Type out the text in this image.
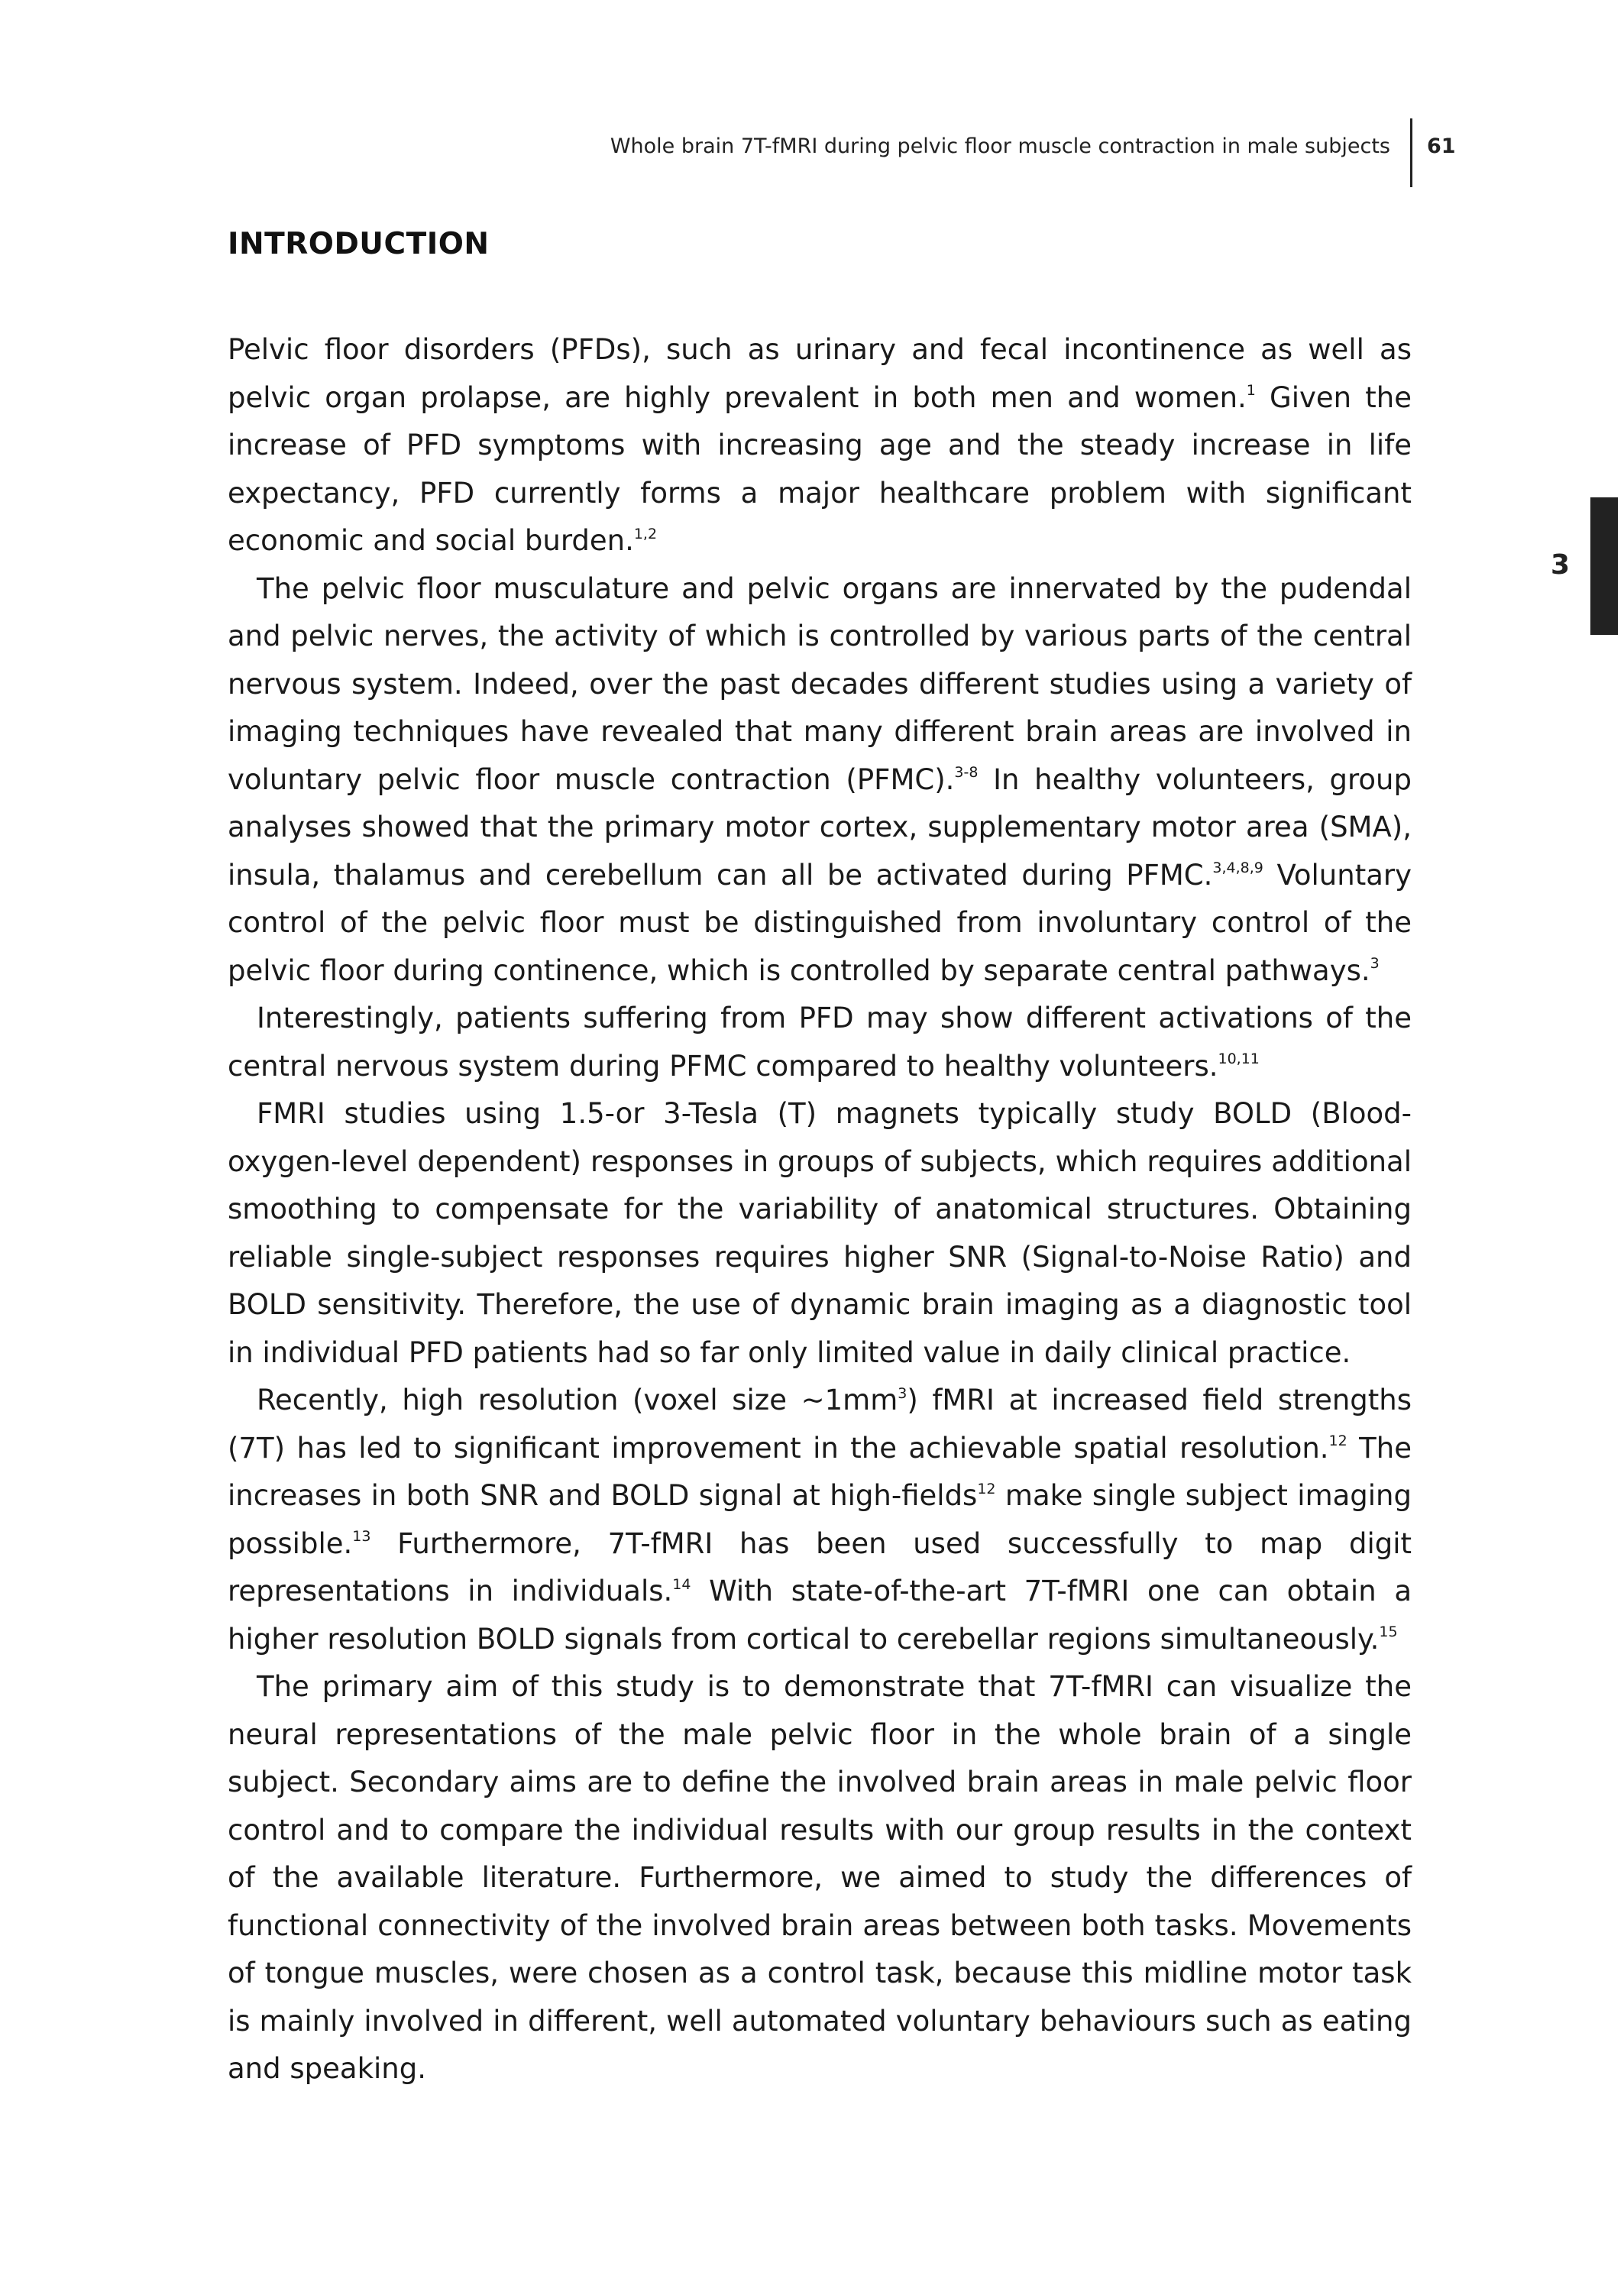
Whole brain 7T-fMRI during pelvic floor muscle contraction in male subjects 61
3
INTRODUCTION

Pelvic floor disorders (PFDs), such as urinary and fecal incontinence as well as pelvic organ prolapse, are highly prevalent in both men and women.$^1$ Given the increase of PFD symptoms with increasing age and the steady increase in life expectancy, PFD currently forms a major healthcare problem with significant economic and social burden.$^{1,2}$

The pelvic floor musculature and pelvic organs are innervated by the pudendal and pelvic nerves, the activity of which is controlled by various parts of the central nervous system. Indeed, over the past decades different studies using a variety of imaging techniques have revealed that many different brain areas are involved in voluntary pelvic floor muscle contraction (PFMC).$^{3-8}$ In healthy volunteers, group analyses showed that the primary motor cortex, supplementary motor area (SMA), insula, thalamus and cerebellum can all be activated during PFMC.$^{3,4,8,9}$ Voluntary control of the pelvic floor must be distinguished from involuntary control of the pelvic floor during continence, which is controlled by separate central pathways.$^3$

Interestingly, patients suffering from PFD may show different activations of the central nervous system during PFMC compared to healthy volunteers.$^{10,11}$

FMRI studies using 1.5-or 3-Tesla (T) magnets typically study BOLD (Blood-oxygen-level dependent) responses in groups of subjects, which requires additional smoothing to compensate for the variability of anatomical structures. Obtaining reliable single-subject responses requires higher SNR (Signal-to-Noise Ratio) and BOLD sensitivity. Therefore, the use of dynamic brain imaging as a diagnostic tool in individual PFD patients had so far only limited value in daily clinical practice.

Recently, high resolution (voxel size $\sim 1mm^3$) fMRI at increased field strengths (7T) has led to significant improvement in the achievable spatial resolution.$^{12}$ The increases in both SNR and BOLD signal at high-fields$^{12}$ make single subject imaging possible.$^{13}$ Furthermore, 7T-fMRI has been used successfully to map digit representations in individuals.$^{14}$ With state-of-the-art 7T-fMRI one can obtain a higher resolution BOLD signals from cortical to cerebellar regions simultaneously.$^{15}$

The primary aim of this study is to demonstrate that 7T-fMRI can visualize the neural representations of the male pelvic floor in the whole brain of a single subject. Secondary aims are to define the involved brain areas in male pelvic floor control and to compare the individual results with our group results in the context of the available literature. Furthermore, we aimed to study the differences of functional connectivity of the involved brain areas between both tasks. Movements of tongue muscles, were chosen as a control task, because this midline motor task is mainly involved in different, well automated voluntary behaviours such as eating and speaking.
